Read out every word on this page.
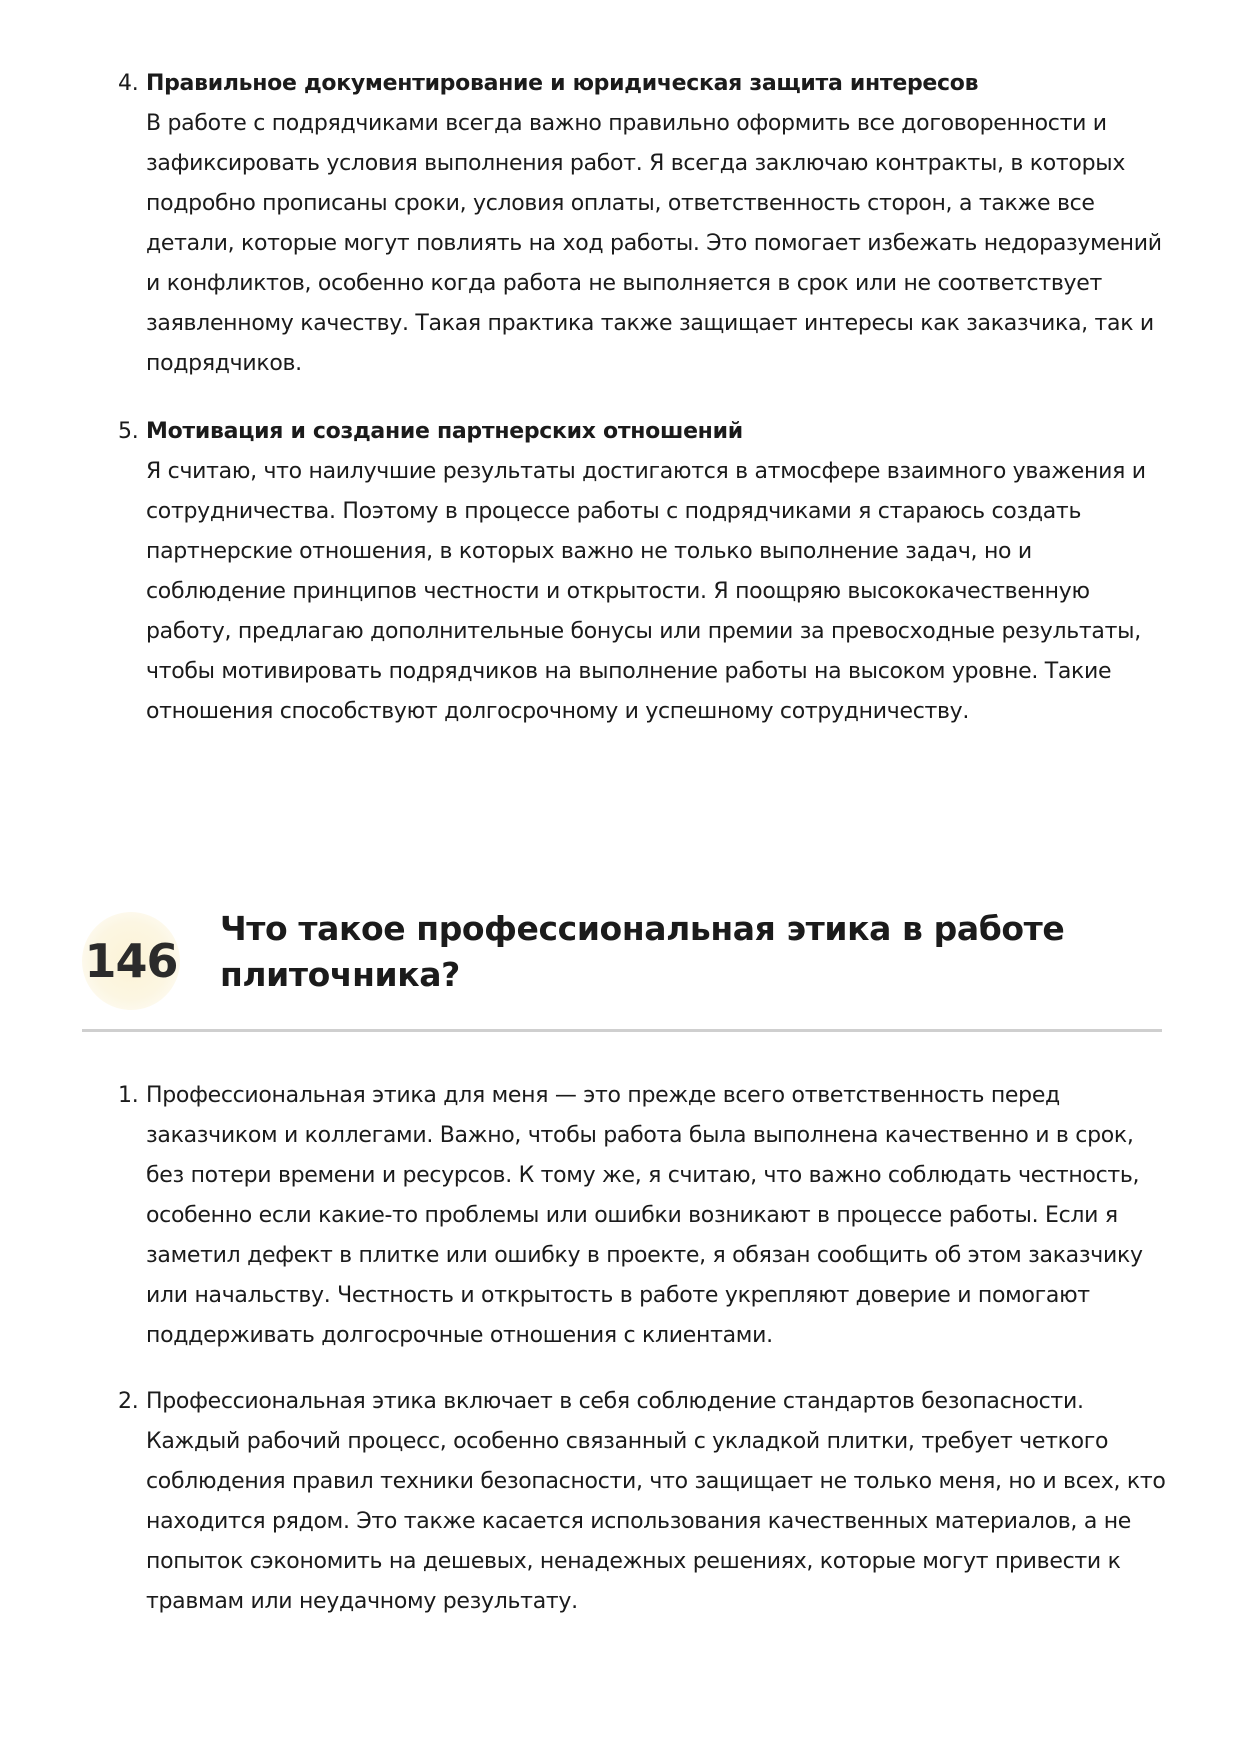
4. Правильное документирование и юридическая защита интересов
В работе с подрядчиками всегда важно правильно оформить все договоренности и зафиксировать условия выполнения работ. Я всегда заключаю контракты, в которых подробно прописаны сроки, условия оплаты, ответственность сторон, а также все детали, которые могут повлиять на ход работы. Это помогает избежать недоразумений и конфликтов, особенно когда работа не выполняется в срок или не соответствует заявленному качеству. Такая практика также защищает интересы как заказчика, так и подрядчиков.
5. Мотивация и создание партнерских отношений
Я считаю, что наилучшие результаты достигаются в атмосфере взаимного уважения и сотрудничества. Поэтому в процессе работы с подрядчиками я стараюсь создать партнерские отношения, в которых важно не только выполнение задач, но и соблюдение принципов честности и открытости. Я поощряю высококачественную работу, предлагаю дополнительные бонусы или премии за превосходные результаты, чтобы мотивировать подрядчиков на выполнение работы на высоком уровне. Такие отношения способствуют долгосрочному и успешному сотрудничеству.
146
Что такое профессиональная этика в работе
плиточника?
1. Профессиональная этика для меня — это прежде всего ответственность перед заказчиком и коллегами. Важно, чтобы работа была выполнена качественно и в срок, без потери времени и ресурсов. К тому же, я считаю, что важно соблюдать честность, особенно если какие-то проблемы или ошибки возникают в процессе работы. Если я заметил дефект в плитке или ошибку в проекте, я обязан сообщить об этом заказчику или начальству. Честность и открытость в работе укрепляют доверие и помогают поддерживать долгосрочные отношения с клиентами.
2. Профессиональная этика включает в себя соблюдение стандартов безопасности. Каждый рабочий процесс, особенно связанный с укладкой плитки, требует четкого соблюдения правил техники безопасности, что защищает не только меня, но и всех, кто находится рядом. Это также касается использования качественных материалов, а не попыток сэкономить на дешевых, ненадежных решениях, которые могут привести к травмам или неудачному результату.
